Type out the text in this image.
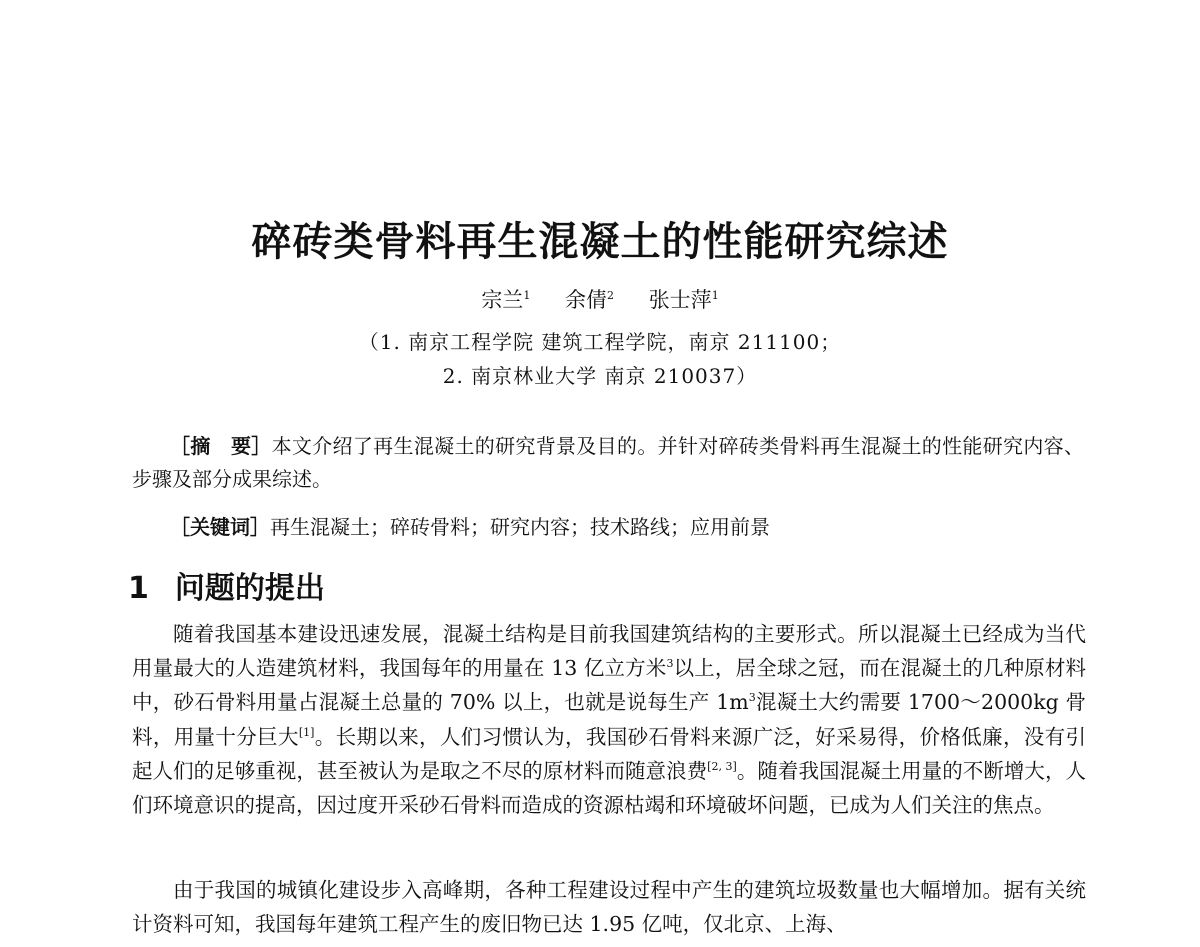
碎砖类骨料再生混凝土的性能研究综述
宗兰$^1$ 余倩$^2$ 张士萍$^1$
（1. 南京工程学院 建筑工程学院，南京 211100；
2. 南京林业大学 南京 210037）
［摘　要］本文介绍了再生混凝土的研究背景及目的。并针对碎砖类骨料再生混凝土的性能研究内容、步骤及部分成果综述。
［关键词］再生混凝土；碎砖骨料；研究内容；技术路线；应用前景
1 问题的提出
随着我国基本建设迅速发展，混凝土结构是目前我国建筑结构的主要形式。所以混凝土已经成为当代用量最大的人造建筑材料，我国每年的用量在 13 亿立方米$^3$以上，居全球之冠，而在混凝土的几种原材料中，砂石骨料用量占混凝土总量的 70% 以上，也就是说每生产 1m$^3$混凝土大约需要 1700～2000kg 骨料，用量十分巨大[1]。长期以来，人们习惯认为，我国砂石骨料来源广泛，好采易得，价格低廉，没有引起人们的足够重视，甚至被认为是取之不尽的原材料而随意浪费[2, 3]。随着我国混凝土用量的不断增大，人们环境意识的提高，因过度开采砂石骨料而造成的资源枯竭和环境破坏问题，已成为人们关注的焦点。
由于我国的城镇化建设步入高峰期，各种工程建设过程中产生的建筑垃圾数量也大幅增加。据有关统计资料可知，我国每年建筑工程产生的废旧物已达 1.95 亿吨，仅北京、上海、
